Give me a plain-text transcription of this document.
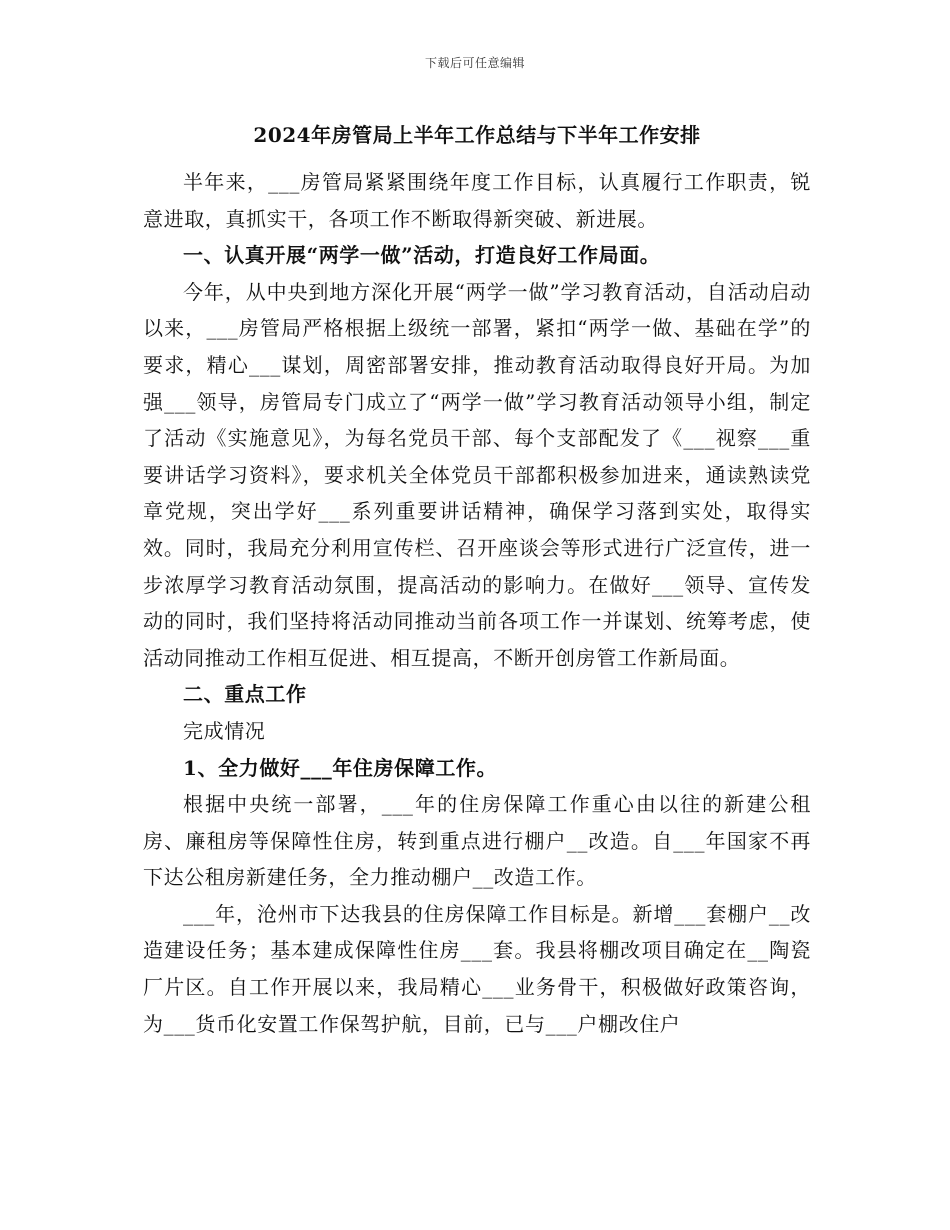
下载后可任意编辑
2024年房管局上半年工作总结与下半年工作安排

半年来，___房管局紧紧围绕年度工作目标，认真履行工作职责，锐意进取，真抓实干，各项工作不断取得新突破、新进展。

一、认真开展“两学一做”活动，打造良好工作局面。

今年，从中央到地方深化开展“两学一做”学习教育活动，自活动启动以来，___房管局严格根据上级统一部署，紧扣“两学一做、基础在学”的要求，精心___谋划，周密部署安排，推动教育活动取得良好开局。为加强___领导，房管局专门成立了“两学一做”学习教育活动领导小组，制定了活动《实施意见》，为每名党员干部、每个支部配发了《___视察___重要讲话学习资料》，要求机关全体党员干部都积极参加进来，通读熟读党章党规，突出学好___系列重要讲话精神，确保学习落到实处，取得实效。同时，我局充分利用宣传栏、召开座谈会等形式进行广泛宣传，进一步浓厚学习教育活动氛围，提高活动的影响力。在做好___领导、宣传发动的同时，我们坚持将活动同推动当前各项工作一并谋划、统筹考虑，使活动同推动工作相互促进、相互提高，不断开创房管工作新局面。

二、重点工作

完成情况

1、全力做好___年住房保障工作。

根据中央统一部署，___年的住房保障工作重心由以往的新建公租房、廉租房等保障性住房，转到重点进行棚户__改造。自___年国家不再下达公租房新建任务，全力推动棚户__改造工作。

___年，沧州市下达我县的住房保障工作目标是。新增___套棚户__改造建设任务；基本建成保障性住房___套。我县将棚改项目确定在__陶瓷厂片区。自工作开展以来，我局精心___业务骨干，积极做好政策咨询，为___货币化安置工作保驾护航，目前，已与___户棚改住户
